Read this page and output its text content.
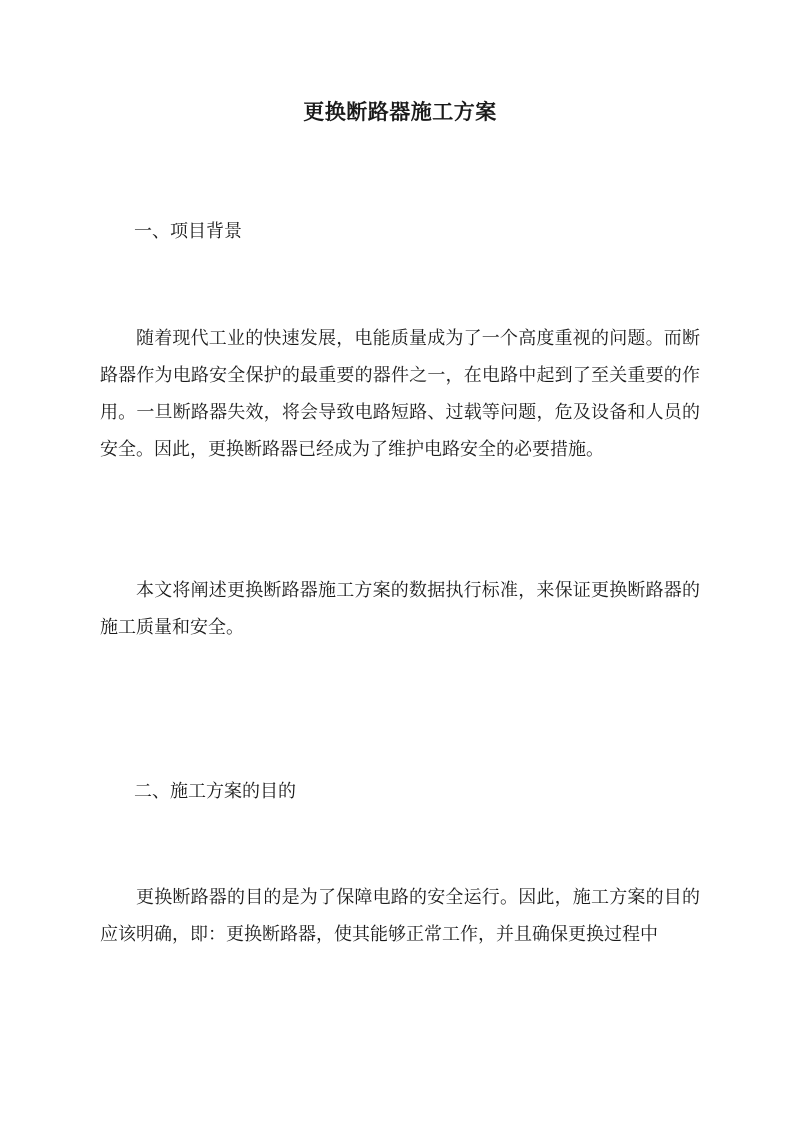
更换断路器施工方案
一、项目背景

随着现代工业的快速发展，电能质量成为了一个高度重视的问题。而断路器作为电路安全保护的最重要的器件之一，在电路中起到了至关重要的作用。一旦断路器失效，将会导致电路短路、过载等问题，危及设备和人员的安全。因此，更换断路器已经成为了维护电路安全的必要措施。

本文将阐述更换断路器施工方案的数据执行标准，来保证更换断路器的施工质量和安全。

二、施工方案的目的

更换断路器的目的是为了保障电路的安全运行。因此，施工方案的目的应该明确，即：更换断路器，使其能够正常工作，并且确保更换过程中
